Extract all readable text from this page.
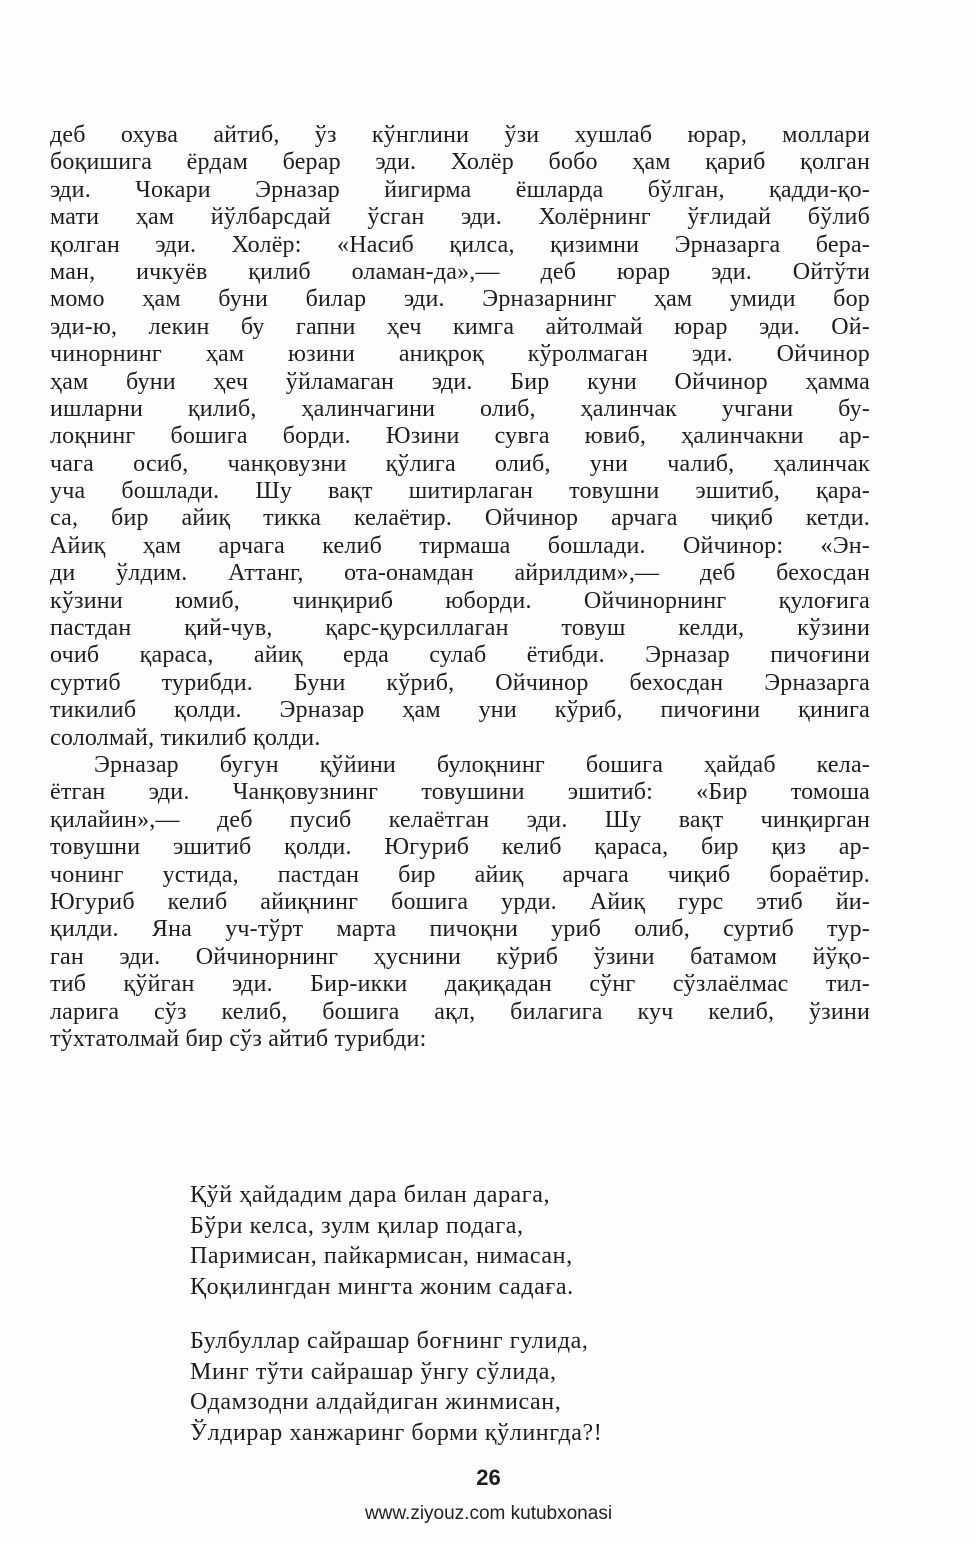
деб охува айтиб, ўз кўнглини ўзи хушлаб юрар, моллари
боқишига ёрдам берар эди. Холёр бобо ҳам қариб қолган
эди. Чокари Эрназар йигирма ёшларда бўлган, қадди-қо-
мати ҳам йўлбарсдай ўсган эди. Холёрнинг ўғлидай бўлиб
қолган эди. Холёр: «Насиб қилса, қизимни Эрназарга бера-
ман, ичкуёв қилиб оламан-да»,— деб юрар эди. Ойтўти
момо ҳам буни билар эди. Эрназарнинг ҳам умиди бор
эди-ю, лекин бу гапни ҳеч кимга айтолмай юрар эди. Ой-
чинорнинг ҳам юзини аниқроқ кўролмаган эди. Ойчинор
ҳам буни ҳеч ўйламаган эди. Бир куни Ойчинор ҳамма
ишларни қилиб, ҳалинчагини олиб, ҳалинчак учгани бу-
лоқнинг бошига борди. Юзини сувга ювиб, ҳалинчакни ар-
чага осиб, чанқовузни қўлига олиб, уни чалиб, ҳалинчак
уча бошлади. Шу вақт шитирлаган товушни эшитиб, қара-
са, бир айиқ тикка келаётир. Ойчинор арчага чиқиб кетди.
Айиқ ҳам арчага келиб тирмаша бошлади. Ойчинор: «Эн-
ди ўлдим. Аттанг, ота-онамдан айрилдим»,— деб бехосдан
кўзини юмиб, чинқириб юборди. Ойчинорнинг қулоғига
пастдан қий-чув, қарс-қурсиллаган товуш келди, кўзини
очиб қараса, айиқ ерда сулаб ётибди. Эрназар пичоғини
суртиб турибди. Буни кўриб, Ойчинор бехосдан Эрназарга
тикилиб қолди. Эрназар ҳам уни кўриб, пичоғини қинига
сололмай, тикилиб қолди.
Эрназар бугун қўйини булоқнинг бошига ҳайдаб кела-
ётган эди. Чанқовузнинг товушини эшитиб: «Бир томоша
қилайин»,— деб пусиб келаётган эди. Шу вақт чинқирган
товушни эшитиб қолди. Югуриб келиб қараса, бир қиз ар-
чонинг устида, пастдан бир айиқ арчага чиқиб бораётир.
Югуриб келиб айиқнинг бошига урди. Айиқ гурс этиб йи-
қилди. Яна уч-тўрт марта пичоқни уриб олиб, суртиб тур-
ган эди. Ойчинорнинг ҳуснини кўриб ўзини батамом йўқо-
тиб қўйган эди. Бир-икки дақиқадан сўнг сўзлаёлмас тил-
ларига сўз келиб, бошига ақл, билагига куч келиб, ўзини
тўхтатолмай бир сўз айтиб турибди:
Қўй ҳайдадим дара билан дарага,
Бўри келса, зулм қилар подага,
Паримисан, пайкармисан, нимасан,
Қоқилингдан мингта жоним садаға.
Булбуллар сайрашар боғнинг гулида,
Минг тўти сайрашар ўнгу сўлида,
Одамзодни алдайдиган жинмисан,
Ўлдирар ханжаринг борми қўлингда?!
26
www.ziyouz.com kutubxonasi
